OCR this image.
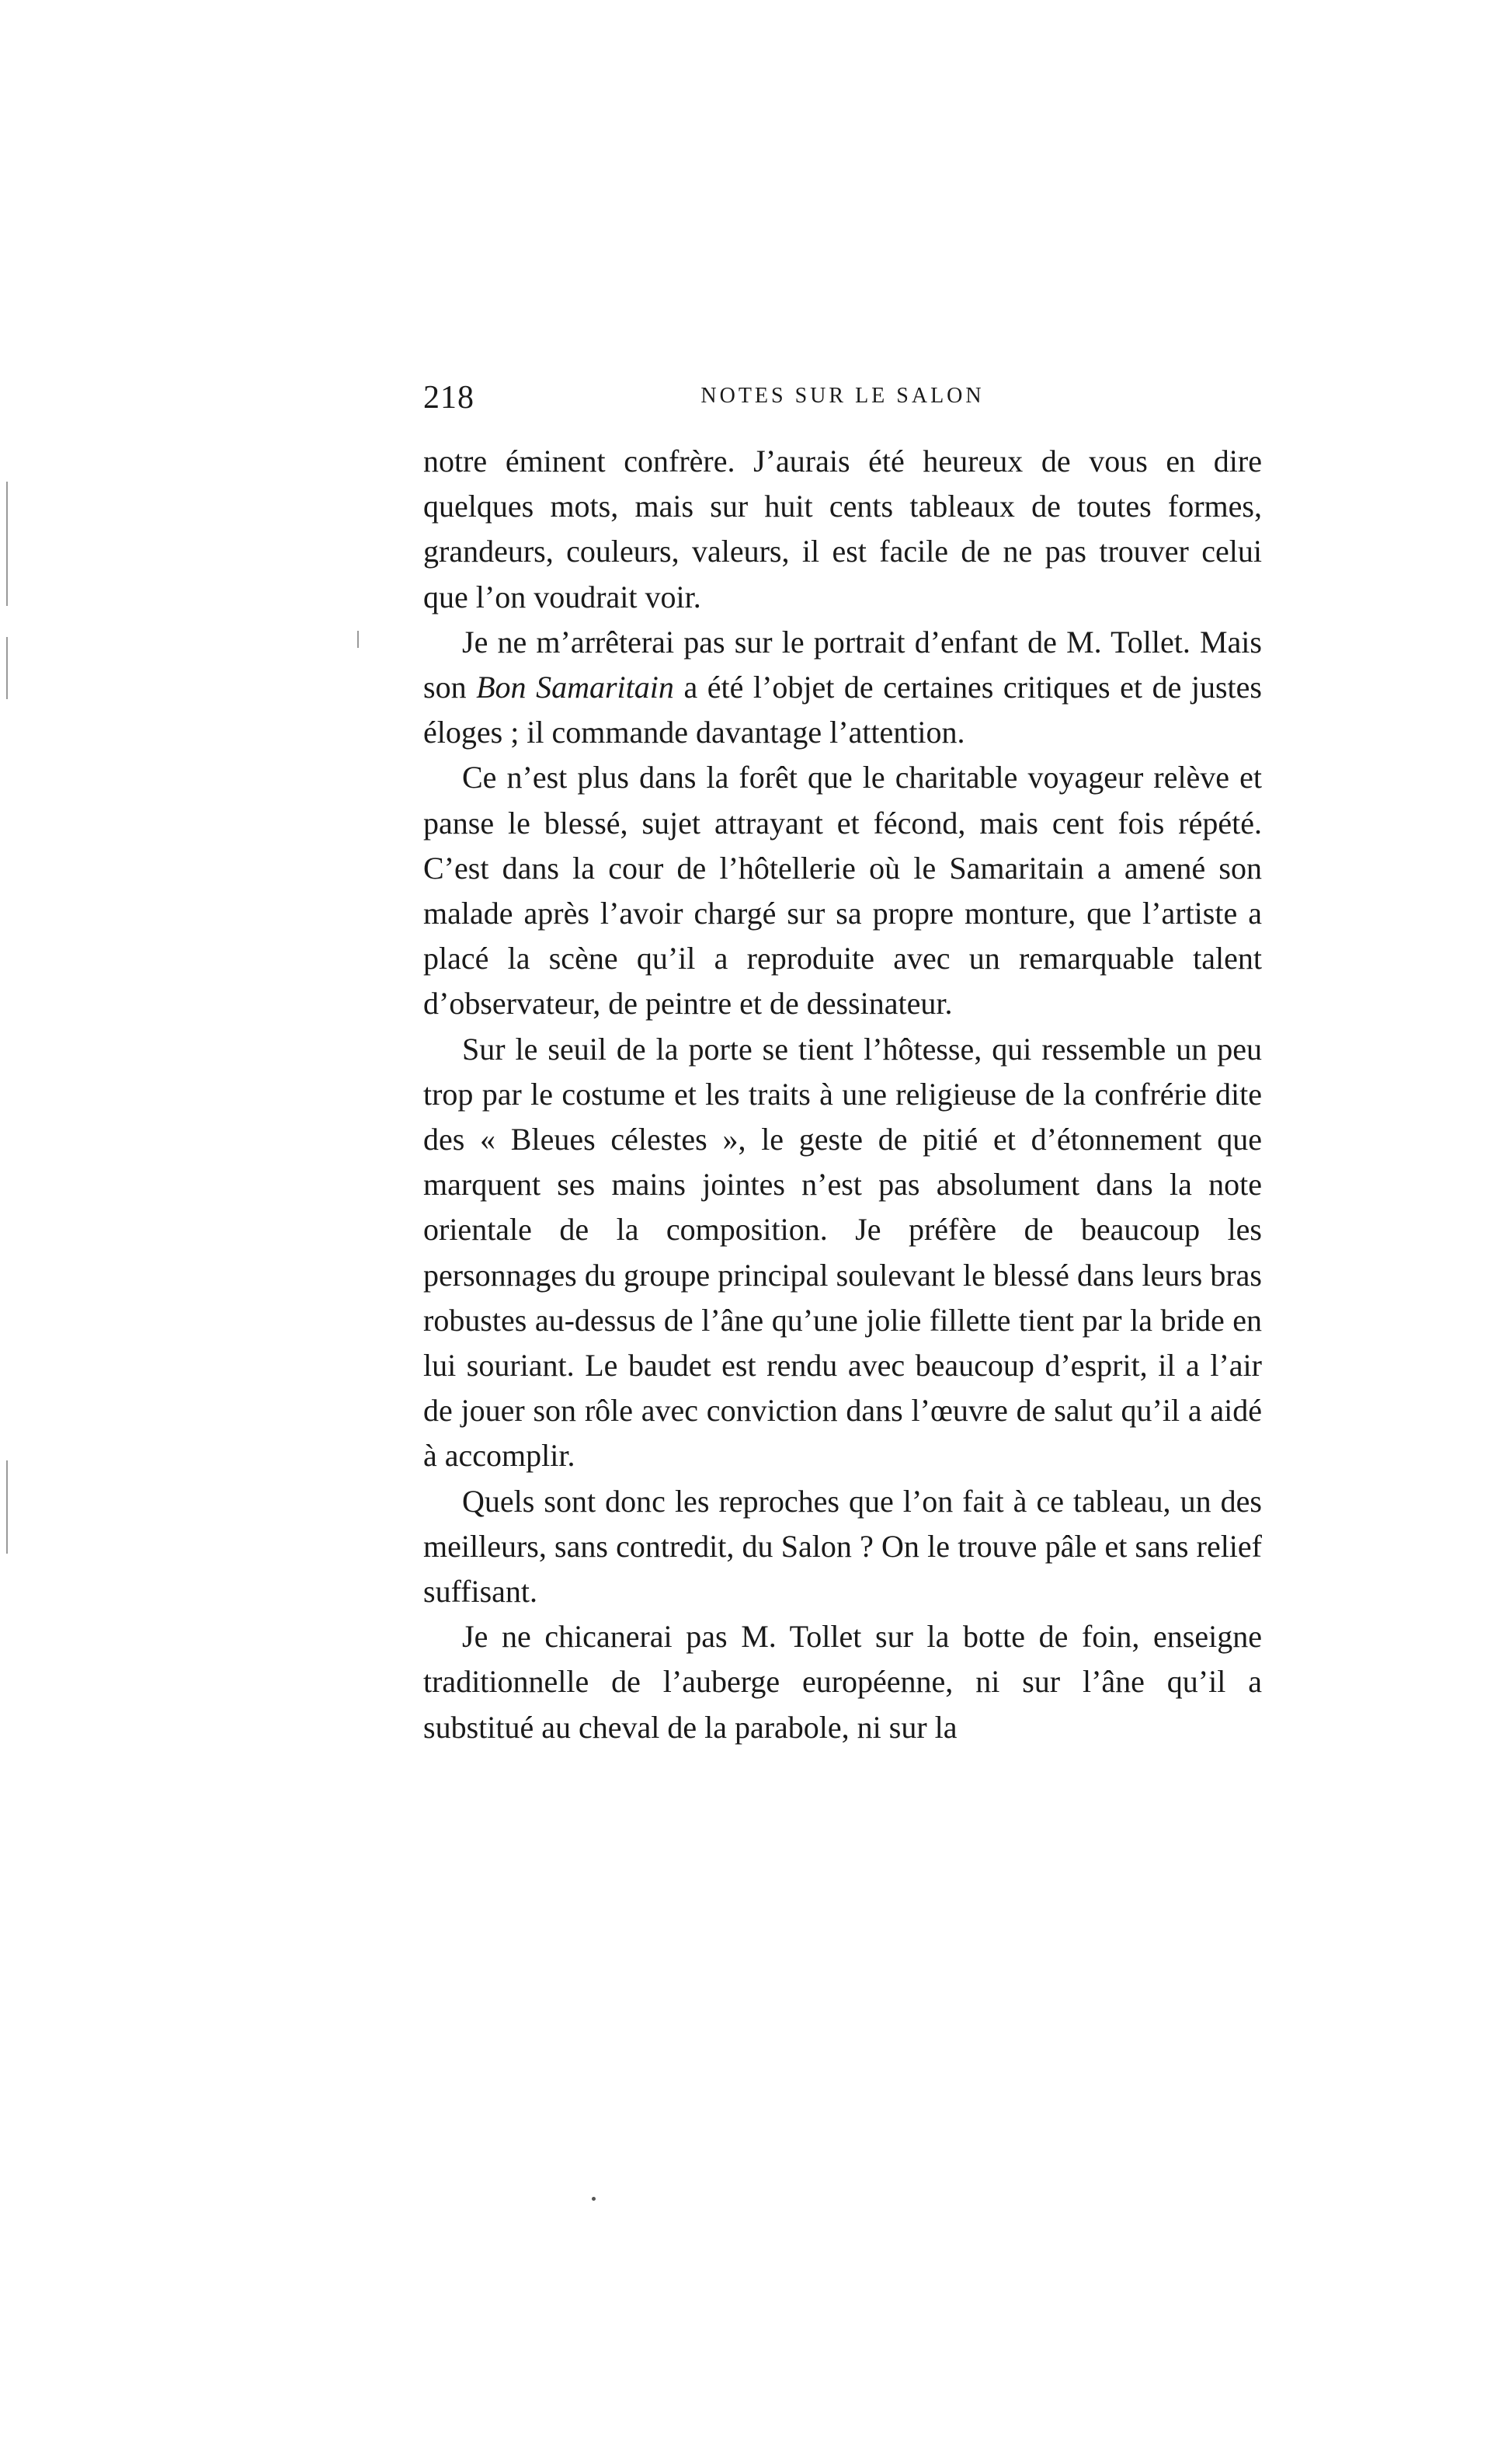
218	NOTES SUR LE SALON

notre éminent confrère. J’aurais été heureux de vous en dire quelques mots, mais sur huit cents tableaux de toutes formes, grandeurs, couleurs, valeurs, il est facile de ne pas trouver celui que l’on voudrait voir.

Je ne m’arrêterai pas sur le portrait d’enfant de M. Tollet. Mais son Bon Samaritain a été l’objet de certaines critiques et de justes éloges ; il commande davantage l’attention.

Ce n’est plus dans la forêt que le charitable voyageur relève et panse le blessé, sujet attrayant et fécond, mais cent fois répété. C’est dans la cour de l’hôtellerie où le Samaritain a amené son malade après l’avoir chargé sur sa propre monture, que l’artiste a placé la scène qu’il a reproduite avec un remarquable talent d’observateur, de peintre et de dessinateur.

Sur le seuil de la porte se tient l’hôtesse, qui ressemble un peu trop par le costume et les traits à une religieuse de la confrérie dite des « Bleues célestes », le geste de pitié et d’étonnement que marquent ses mains jointes n’est pas absolument dans la note orientale de la composition. Je préfère de beaucoup les personnages du groupe principal soulevant le blessé dans leurs bras robustes au-dessus de l’âne qu’une jolie fillette tient par la bride en lui souriant. Le baudet est rendu avec beaucoup d’esprit, il a l’air de jouer son rôle avec conviction dans l’œuvre de salut qu’il a aidé à accomplir.

Quels sont donc les reproches que l’on fait à ce tableau, un des meilleurs, sans contredit, du Salon ? On le trouve pâle et sans relief suffisant.

Je ne chicanerai pas M. Tollet sur la botte de foin, enseigne traditionnelle de l’auberge européenne, ni sur l’âne qu’il a substitué au cheval de la parabole, ni sur la
